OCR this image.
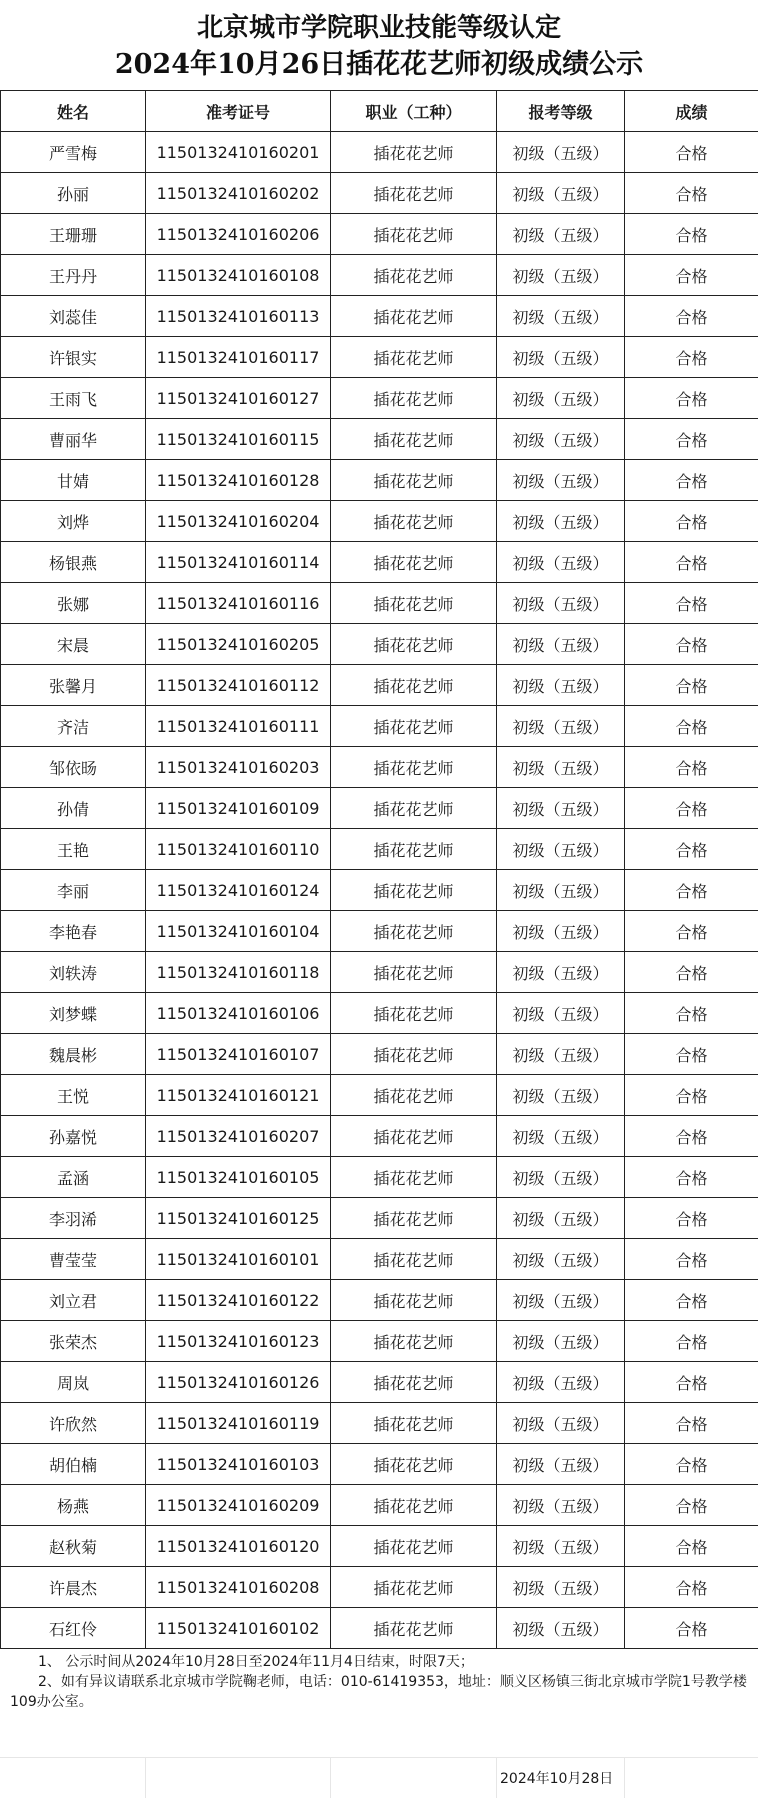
北京城市学院职业技能等级认定
2024年10月26日插花花艺师初级成绩公示
姓名	准考证号	职业（工种）	报考等级	成绩
严雪梅	1150132410160201	插花花艺师	初级（五级）	合格
孙丽	1150132410160202	插花花艺师	初级（五级）	合格
王珊珊	1150132410160206	插花花艺师	初级（五级）	合格
王丹丹	1150132410160108	插花花艺师	初级（五级）	合格
刘蕊佳	1150132410160113	插花花艺师	初级（五级）	合格
许银实	1150132410160117	插花花艺师	初级（五级）	合格
王雨飞	1150132410160127	插花花艺师	初级（五级）	合格
曹丽华	1150132410160115	插花花艺师	初级（五级）	合格
甘婧	1150132410160128	插花花艺师	初级（五级）	合格
刘烨	1150132410160204	插花花艺师	初级（五级）	合格
杨银燕	1150132410160114	插花花艺师	初级（五级）	合格
张娜	1150132410160116	插花花艺师	初级（五级）	合格
宋晨	1150132410160205	插花花艺师	初级（五级）	合格
张馨月	1150132410160112	插花花艺师	初级（五级）	合格
齐洁	1150132410160111	插花花艺师	初级（五级）	合格
邹依旸	1150132410160203	插花花艺师	初级（五级）	合格
孙倩	1150132410160109	插花花艺师	初级（五级）	合格
王艳	1150132410160110	插花花艺师	初级（五级）	合格
李丽	1150132410160124	插花花艺师	初级（五级）	合格
李艳春	1150132410160104	插花花艺师	初级（五级）	合格
刘轶涛	1150132410160118	插花花艺师	初级（五级）	合格
刘梦蝶	1150132410160106	插花花艺师	初级（五级）	合格
魏晨彬	1150132410160107	插花花艺师	初级（五级）	合格
王悦	1150132410160121	插花花艺师	初级（五级）	合格
孙嘉悦	1150132410160207	插花花艺师	初级（五级）	合格
孟涵	1150132410160105	插花花艺师	初级（五级）	合格
李羽浠	1150132410160125	插花花艺师	初级（五级）	合格
曹莹莹	1150132410160101	插花花艺师	初级（五级）	合格
刘立君	1150132410160122	插花花艺师	初级（五级）	合格
张荣杰	1150132410160123	插花花艺师	初级（五级）	合格
周岚	1150132410160126	插花花艺师	初级（五级）	合格
许欣然	1150132410160119	插花花艺师	初级（五级）	合格
胡伯楠	1150132410160103	插花花艺师	初级（五级）	合格
杨燕	1150132410160209	插花花艺师	初级（五级）	合格
赵秋菊	1150132410160120	插花花艺师	初级（五级）	合格
许晨杰	1150132410160208	插花花艺师	初级（五级）	合格
石红伶	1150132410160102	插花花艺师	初级（五级）	合格

1、 公示时间从2024年10月28日至2024年11月4日结束，时限7天；

2、如有异议请联系北京城市学院鞠老师，电话：010-61419353，地址：顺义区杨镇三街北京城市学院1号教学楼109办公室。

2024年10月28日
